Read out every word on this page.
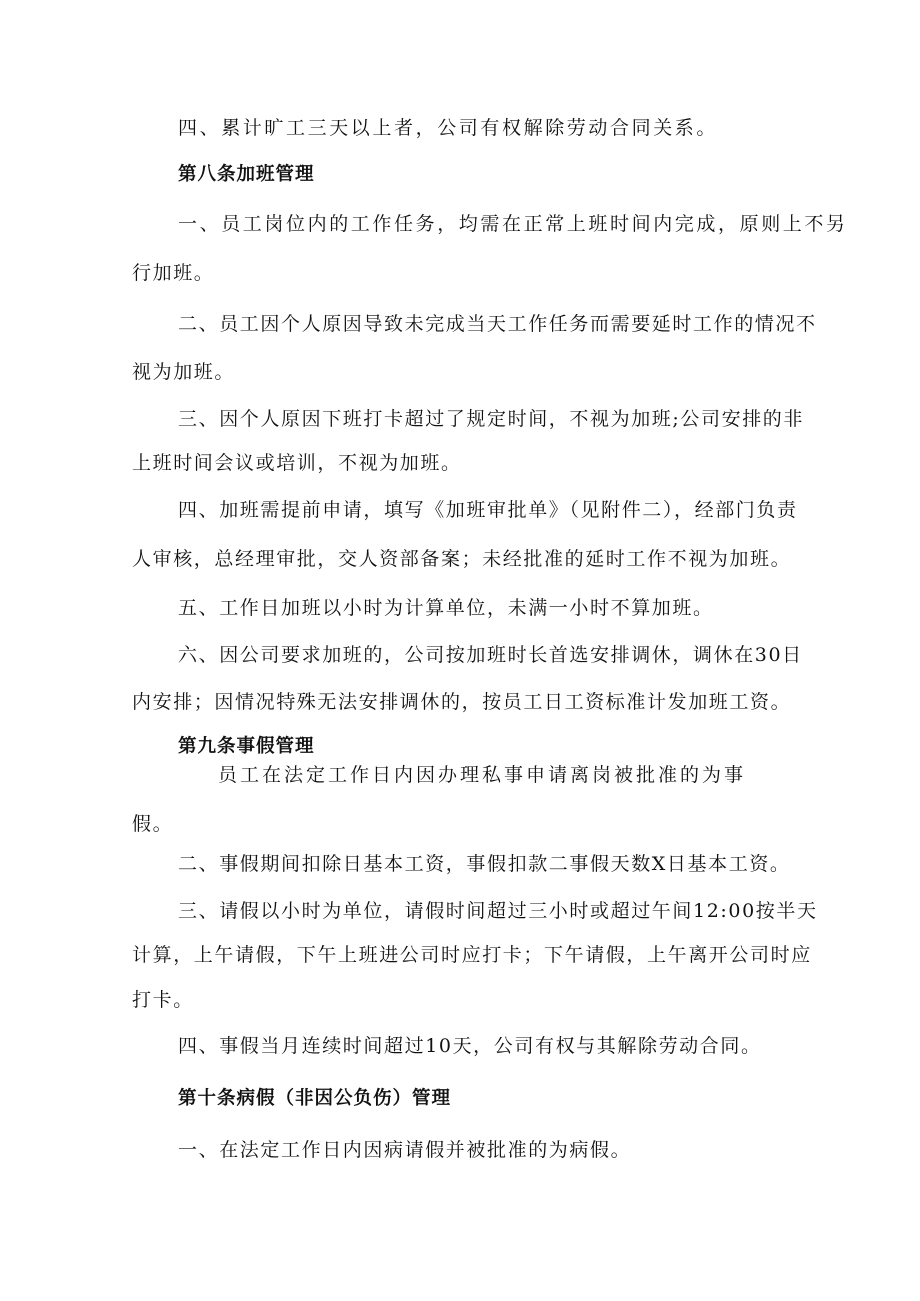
四、累计旷工三天以上者，公司有权解除劳动合同关系。
第八条加班管理
一、员工岗位内的工作任务，均需在正常上班时间内完成，原则上不另
行加班。
二、员工因个人原因导致未完成当天工作任务而需要延时工作的情况不
视为加班。
三、因个人原因下班打卡超过了规定时间，不视为加班;公司安排的非
上班时间会议或培训，不视为加班。
四、加班需提前申请，填写《加班审批单》（见附件二），经部门负责
人审核，总经理审批，交人资部备案；未经批准的延时工作不视为加班。
五、工作日加班以小时为计算单位，未满一小时不算加班。
六、因公司要求加班的，公司按加班时长首选安排调休，调休在30日
内安排；因情况特殊无法安排调休的，按员工日工资标准计发加班工资。
第九条事假管理
员工在法定工作日内因办理私事申请离岗被批准的为事
假。
二、事假期间扣除日基本工资，事假扣款二事假天数X日基本工资。
三、请假以小时为单位，请假时间超过三小时或超过午间12:00按半天
计算，上午请假，下午上班进公司时应打卡；下午请假，上午离开公司时应
打卡。
四、事假当月连续时间超过10天，公司有权与其解除劳动合同。
第十条病假（非因公负伤）管理
一、在法定工作日内因病请假并被批准的为病假。
